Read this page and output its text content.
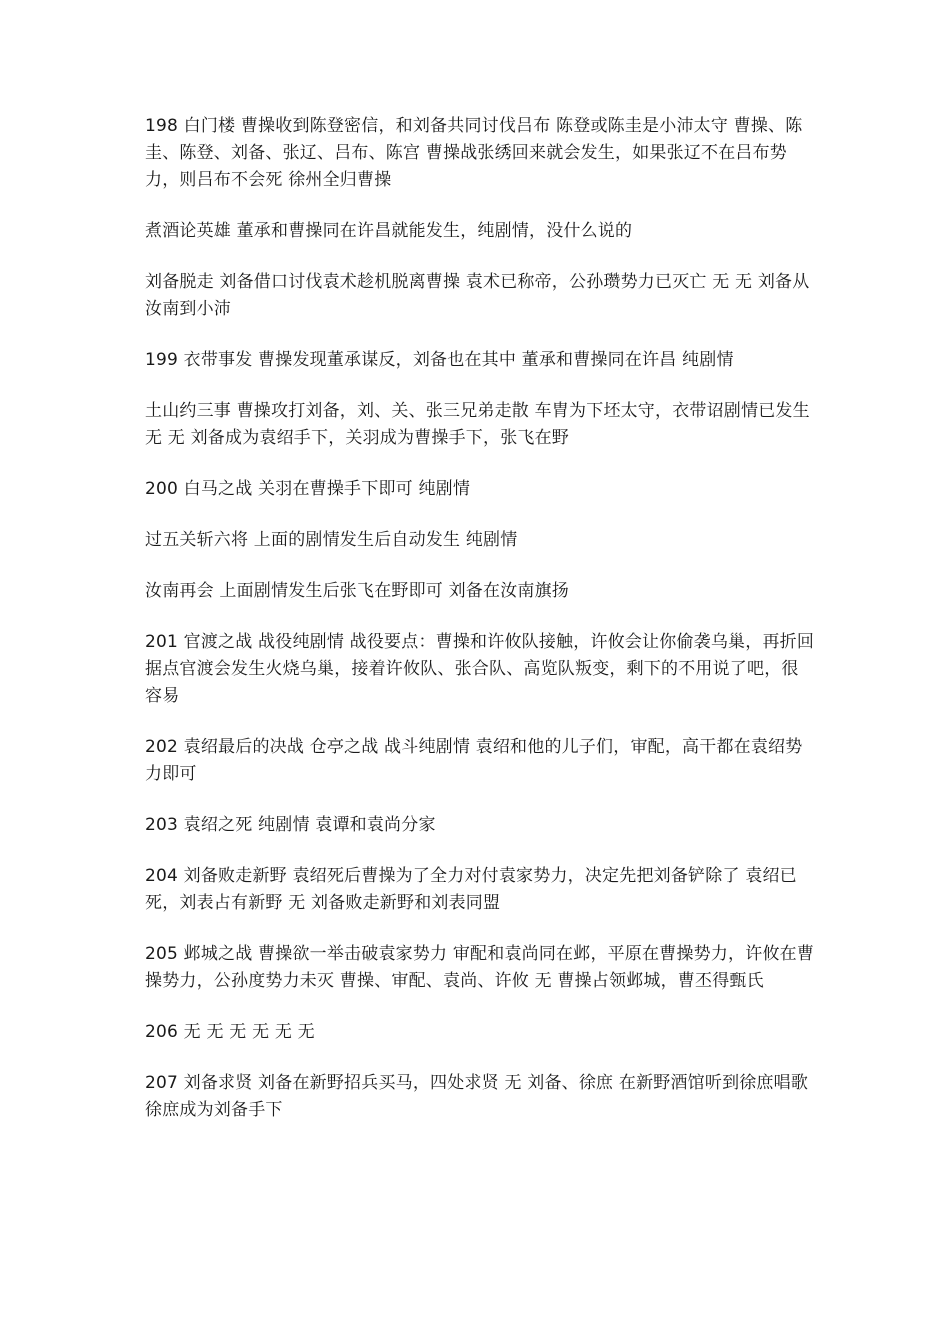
198 白门楼 曹操收到陈登密信，和刘备共同讨伐吕布 陈登或陈圭是小沛太守 曹操、陈圭、陈登、刘备、张辽、吕布、陈宫 曹操战张绣回来就会发生，如果张辽不在吕布势力，则吕布不会死 徐州全归曹操

煮酒论英雄 董承和曹操同在许昌就能发生，纯剧情，没什么说的

刘备脱走 刘备借口讨伐袁术趁机脱离曹操 袁术已称帝，公孙瓒势力已灭亡 无 无 刘备从汝南到小沛

199 衣带事发 曹操发现董承谋反，刘备也在其中 董承和曹操同在许昌 纯剧情

土山约三事 曹操攻打刘备，刘、关、张三兄弟走散 车胄为下坯太守，衣带诏剧情已发生 无 无 刘备成为袁绍手下，关羽成为曹操手下，张飞在野

200 白马之战 关羽在曹操手下即可 纯剧情

过五关斩六将 上面的剧情发生后自动发生 纯剧情

汝南再会 上面剧情发生后张飞在野即可 刘备在汝南旗扬

201 官渡之战 战役纯剧情 战役要点：曹操和许攸队接触，许攸会让你偷袭乌巢，再折回据点官渡会发生火烧乌巢，接着许攸队、张合队、高览队叛变，剩下的不用说了吧，很容易

202 袁绍最后的决战 仓亭之战 战斗纯剧情 袁绍和他的儿子们，审配，高干都在袁绍势力即可

203 袁绍之死 纯剧情 袁谭和袁尚分家

204 刘备败走新野 袁绍死后曹操为了全力对付袁家势力，决定先把刘备铲除了 袁绍已死，刘表占有新野 无 刘备败走新野和刘表同盟

205 邺城之战 曹操欲一举击破袁家势力 审配和袁尚同在邺，平原在曹操势力，许攸在曹操势力，公孙度势力未灭 曹操、审配、袁尚、许攸 无 曹操占领邺城，曹丕得甄氏

206 无 无 无 无 无 无

207 刘备求贤 刘备在新野招兵买马，四处求贤 无 刘备、徐庶 在新野酒馆听到徐庶唱歌 徐庶成为刘备手下
